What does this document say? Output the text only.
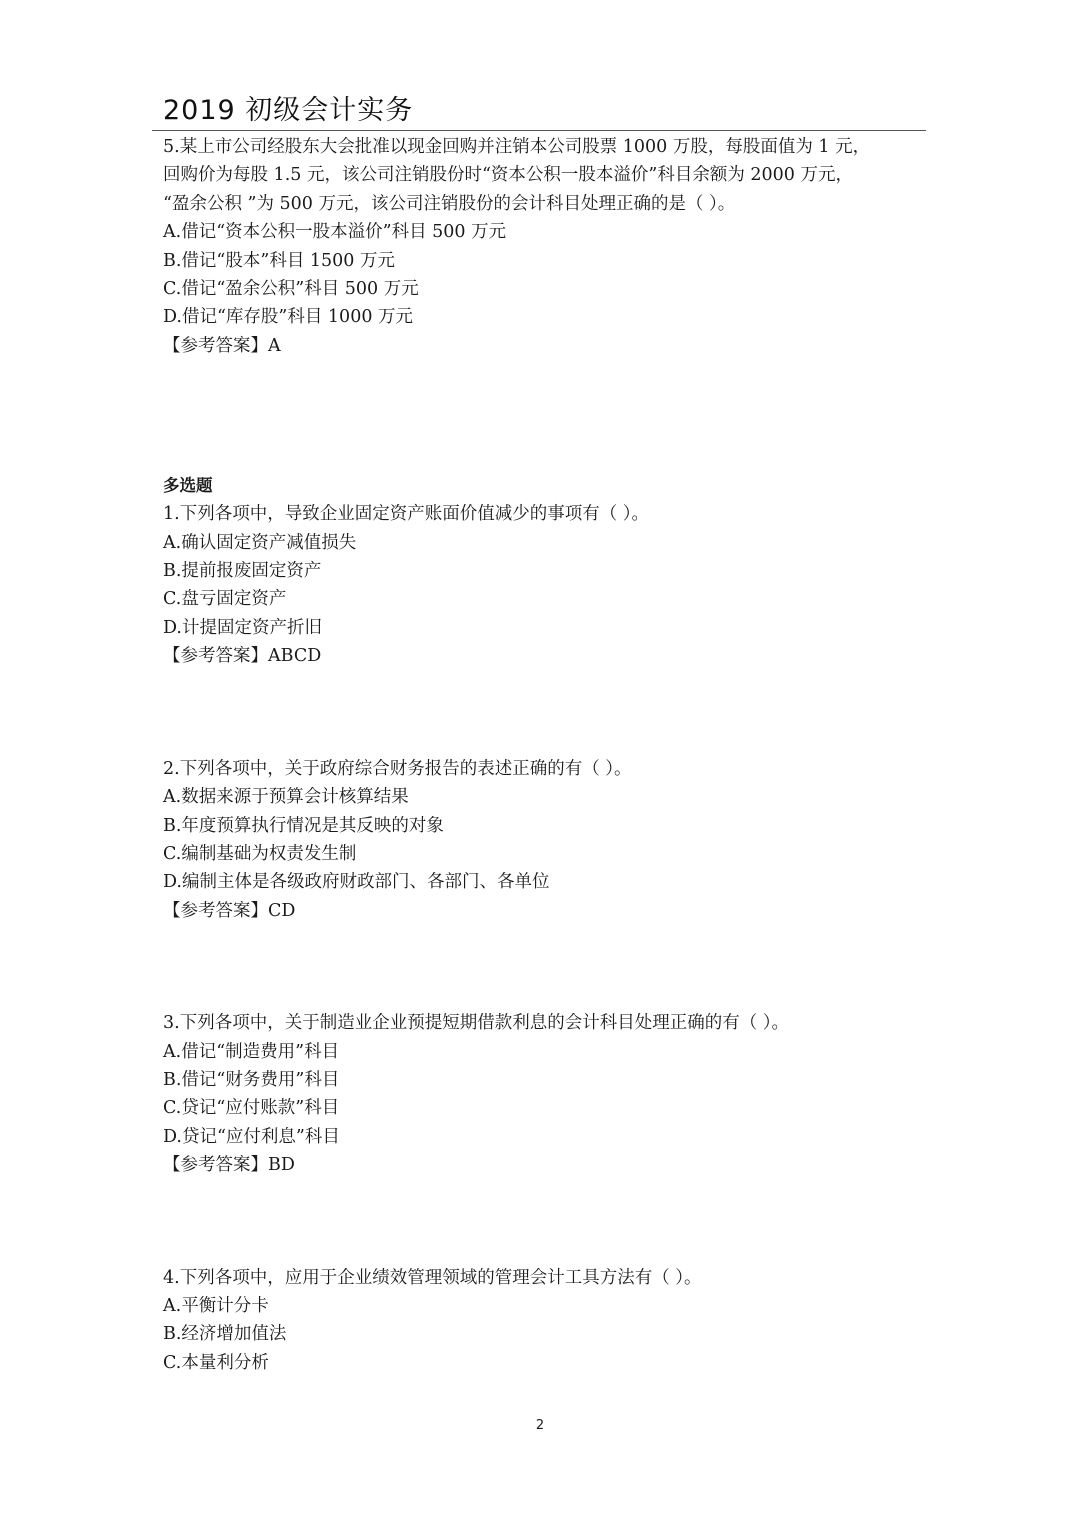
2019 初级会计实务
5.某上市公司经股东大会批准以现金回购并注销本公司股票 1000 万股，每股面值为 1 元，
回购价为每股 1.5 元，该公司注销股份时“资本公积一股本溢价”科目余额为 2000 万元，
“盈余公积 ”为 500 万元，该公司注销股份的会计科目处理正确的是（ ）。
A.借记“资本公积一股本溢价”科目 500 万元
B.借记“股本”科目 1500 万元
C.借记“盈余公积”科目 500 万元
D.借记“库存股”科目 1000 万元
【参考答案】A
多选题
1.下列各项中，导致企业固定资产账面价值减少的事项有（ ）。
A.确认固定资产减值损失
B.提前报废固定资产
C.盘亏固定资产
D.计提固定资产折旧
【参考答案】ABCD
2.下列各项中，关于政府综合财务报告的表述正确的有（ ）。
A.数据来源于预算会计核算结果
B.年度预算执行情况是其反映的对象
C.编制基础为权责发生制
D.编制主体是各级政府财政部门、各部门、各单位
【参考答案】CD
3.下列各项中，关于制造业企业预提短期借款利息的会计科目处理正确的有（ ）。
A.借记“制造费用”科目
B.借记“财务费用”科目
C.贷记“应付账款”科目
D.贷记“应付利息”科目
【参考答案】BD
4.下列各项中，应用于企业绩效管理领域的管理会计工具方法有（ ）。
A.平衡计分卡
B.经济增加值法
C.本量利分析
2
